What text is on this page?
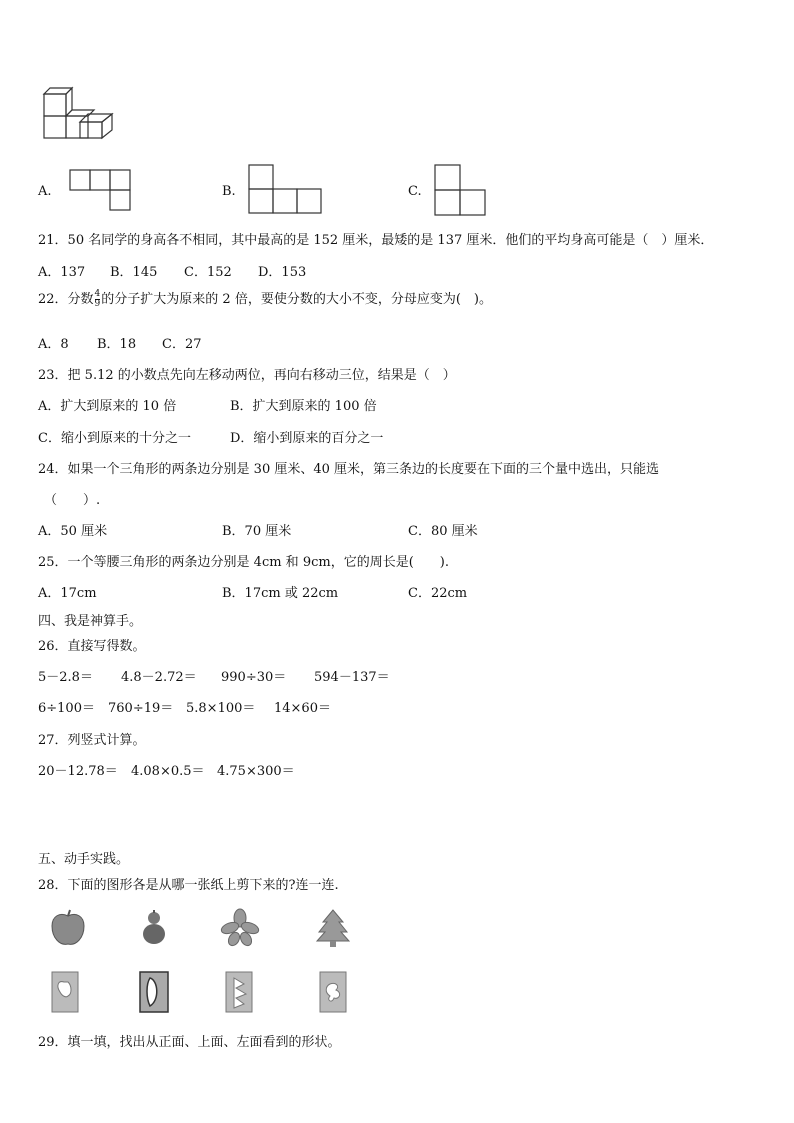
A.	B.	C.
21．50 名同学的身高各不相同，其中最高的是 152 厘米，最矮的是 137 厘米．他们的平均身高可能是（　）厘米．
A．137 B．145 C．152 D．153
22．分数 $\frac{4}{9}$ 的分子扩大为原来的 2 倍，要使分数的大小不变，分母应变为(　)。
A．8 B．18 C．27
23．把 5.12 的小数点先向左移动两位，再向右移动三位，结果是（　）
A．扩大到原来的 10 倍	B．扩大到原来的 100 倍
C．缩小到原来的十分之一	D．缩小到原来的百分之一
24．如果一个三角形的两条边分别是 30 厘米、40 厘米，第三条边的长度要在下面的三个量中选出，只能选
（　　）.
A．50 厘米	B．70 厘米	C．80 厘米
25．一个等腰三角形的两条边分别是 4cm 和 9cm，它的周长是(　　).
A．17cm	B．17cm 或 22cm	C．22cm
四、我是神算手。
26．直接写得数。
5－2.8＝ 4.8－2.72＝ 990÷30＝ 594－137＝
6÷100＝ 760÷19＝ 5.8×100＝ 14×60＝
27．列竖式计算。
20－12.78＝ 4.08×0.5＝ 4.75×300＝
五、动手实践。
28．下面的图形各是从哪一张纸上剪下来的?连一连.
29．填一填，找出从正面、上面、左面看到的形状。
